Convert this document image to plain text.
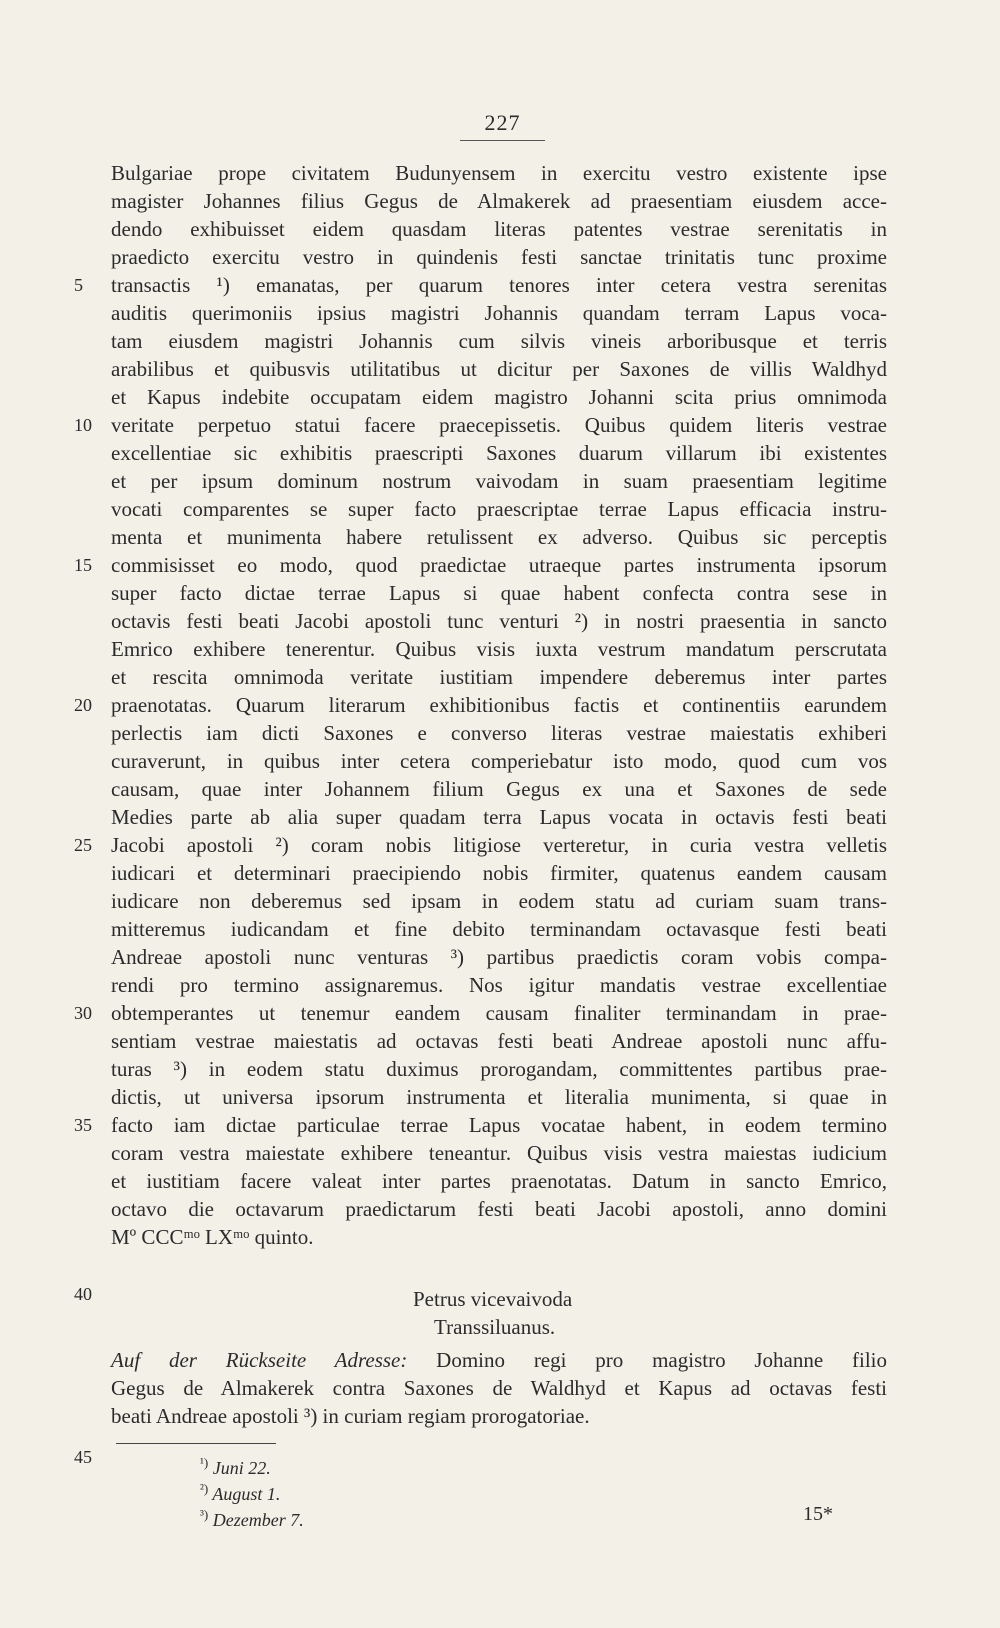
227
Bulgariae prope civitatem Budunyensem in exercitu vestro existente ipse
magister Johannes filius Gegus de Almakerek ad praesentiam eiusdem acce-
dendo exhibuisset eidem quasdam literas patentes vestrae serenitatis in
praedicto exercitu vestro in quindenis festi sanctae trinitatis tunc proxime
transactis ¹) emanatas, per quarum tenores inter cetera vestra serenitas
auditis querimoniis ipsius magistri Johannis quandam terram Lapus voca-
tam eiusdem magistri Johannis cum silvis vineis arboribusque et terris
arabilibus et quibusvis utilitatibus ut dicitur per Saxones de villis Waldhyd
et Kapus indebite occupatam eidem magistro Johanni scita prius omnimoda
veritate perpetuo statui facere praecepissetis. Quibus quidem literis vestrae
excellentiae sic exhibitis praescripti Saxones duarum villarum ibi existentes
et per ipsum dominum nostrum vaivodam in suam praesentiam legitime
vocati comparentes se super facto praescriptae terrae Lapus efficacia instru-
menta et munimenta habere retulissent ex adverso. Quibus sic perceptis
commisisset eo modo, quod praedictae utraeque partes instrumenta ipsorum
super facto dictae terrae Lapus si quae habent confecta contra sese in
octavis festi beati Jacobi apostoli tunc venturi ²) in nostri praesentia in sancto
Emrico exhibere tenerentur. Quibus visis iuxta vestrum mandatum perscrutata
et rescita omnimoda veritate iustitiam impendere deberemus inter partes
praenotatas. Quarum literarum exhibitionibus factis et continentiis earundem
perlectis iam dicti Saxones e converso literas vestrae maiestatis exhiberi
curaverunt, in quibus inter cetera comperiebatur isto modo, quod cum vos
causam, quae inter Johannem filium Gegus ex una et Saxones de sede
Medies parte ab alia super quadam terra Lapus vocata in octavis festi beati
Jacobi apostoli ²) coram nobis litigiose verteretur, in curia vestra velletis
iudicari et determinari praecipiendo nobis firmiter, quatenus eandem causam
iudicare non deberemus sed ipsam in eodem statu ad curiam suam trans-
mitteremus iudicandam et fine debito terminandam octavasque festi beati
Andreae apostoli nunc venturas ³) partibus praedictis coram vobis compa-
rendi pro termino assignaremus. Nos igitur mandatis vestrae excellentiae
obtemperantes ut tenemur eandem causam finaliter terminandam in prae-
sentiam vestrae maiestatis ad octavas festi beati Andreae apostoli nunc affu-
turas ³) in eodem statu duximus prorogandam, committentes partibus prae-
dictis, ut universa ipsorum instrumenta et literalia munimenta, si quae in
facto iam dictae particulae terrae Lapus vocatae habent, in eodem termino
coram vestra maiestate exhibere teneantur. Quibus visis vestra maiestas iudicium
et iustitiam facere valeat inter partes praenotatas. Datum in sancto Emrico,
octavo die octavarum praedictarum festi beati Jacobi apostoli, anno domini
Mº CCCᵐᵒ LXᵐᵒ quinto.
5
10
15
20
25
30
35
40
45
Petrus vicevaivoda
Transsiluanus.
Auf der Rückseite Adresse: Domino regi pro magistro Johanne filio
Gegus de Almakerek contra Saxones de Waldhyd et Kapus ad octavas festi
beati Andreae apostoli ³) in curiam regiam prorogatoriae.
$^{^1)}$ Juni 22.
$^{^2)}$ August 1.
$^{^3)}$ Dezember 7.	15*
